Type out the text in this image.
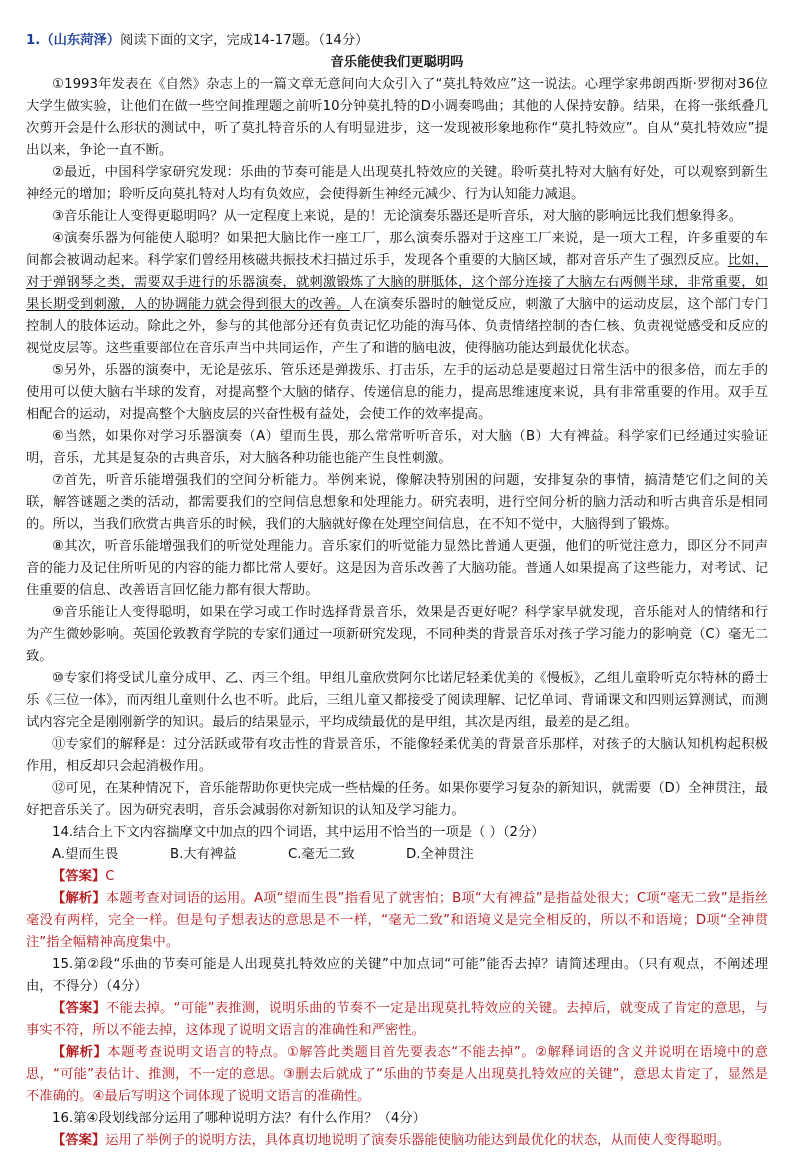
1.（山东菏泽）阅读下面的文字，完成14-17题。（14分）

音乐能使我们更聪明吗

①1993年发表在《自然》杂志上的一篇文章无意间向大众引入了“莫扎特效应”这一说法。心理学家弗朗西斯·罗彻对36位大学生做实验，让他们在做一些空间推理题之前听10分钟莫扎特的D小调奏鸣曲；其他的人保持安静。结果，在将一张纸叠几次剪开会是什么形状的测试中，听了莫扎特音乐的人有明显进步，这一发现被形象地称作“莫扎特效应”。自从“莫扎特效应”提出以来，争论一直不断。

②最近，中国科学家研究发现：乐曲的节奏可能是人出现莫扎特效应的关键。聆听莫扎特对大脑有好处，可以观察到新生神经元的增加；聆听反向莫扎特对人均有负效应，会使得新生神经元减少、行为认知能力减退。

③音乐能让人变得更聪明吗？从一定程度上来说，是的！无论演奏乐器还是听音乐，对大脑的影响远比我们想象得多。

④演奏乐器为何能使人聪明？如果把大脑比作一座工厂，那么演奏乐器对于这座工厂来说，是一项大工程，许多重要的车间都会被调动起来。科学家们曾经用核磁共振技术扫描过乐手，发现各个重要的大脑区域，都对音乐产生了强烈反应。比如，对于弹钢琴之类，需要双手进行的乐器演奏，就刺激锻炼了大脑的胼胝体，这个部分连接了大脑左右两侧半球，非常重要，如果长期受到刺激，人的协调能力就会得到很大的改善。人在演奏乐器时的触觉反应，刺激了大脑中的运动皮层，这个部门专门控制人的肢体运动。除此之外，参与的其他部分还有负责记忆功能的海马体、负责情绪控制的杏仁核、负责视觉感受和反应的视觉皮层等。这些重要部位在音乐声当中共同运作，产生了和谐的脑电波，使得脑功能达到最优化状态。

⑤另外，乐器的演奏中，无论是弦乐、管乐还是弹拨乐、打击乐，左手的运动总是要超过日常生活中的很多倍，而左手的使用可以使大脑右半球的发育，对提高整个大脑的储存、传递信息的能力，提高思维速度来说，具有非常重要的作用。双手互相配合的运动，对提高整个大脑皮层的兴奋性极有益处，会使工作的效率提高。

⑥当然，如果你对学习乐器演奏（A）望而生畏，那么常常听听音乐，对大脑（B）大有裨益。科学家们已经通过实验证明，音乐，尤其是复杂的古典音乐，对大脑各种功能也能产生良性刺激。

⑦首先，听音乐能增强我们的空间分析能力。举例来说，像解决特别困的问题，安排复杂的事情，搞清楚它们之间的关联，解答谜题之类的活动，都需要我们的空间信息想象和处理能力。研究表明，进行空间分析的脑力活动和听古典音乐是相同的。所以，当我们欣赏古典音乐的时候，我们的大脑就好像在处理空间信息，在不知不觉中，大脑得到了锻炼。

⑧其次，听音乐能增强我们的听觉处理能力。音乐家们的听觉能力显然比普通人更强，他们的听觉注意力，即区分不同声音的能力及记住所听见的内容的能力都比常人要好。这是因为音乐改善了大脑功能。普通人如果提高了这些能力，对考试、记住重要的信息、改善语言回忆能力都有很大帮助。

⑨音乐能让人变得聪明，如果在学习或工作时选择背景音乐，效果是否更好呢？科学家早就发现，音乐能对人的情绪和行为产生微妙影响。英国伦敦教育学院的专家们通过一项新研究发现，不同种类的背景音乐对孩子学习能力的影响竟（C）毫无二致。

⑩专家们将受试儿童分成甲、乙、丙三个组。甲组儿童欣赏阿尔比诺尼轻柔优美的《慢板》，乙组儿童聆听克尔特林的爵士乐《三位一体》，而丙组儿童则什么也不听。此后，三组儿童又都接受了阅读理解、记忆单词、背诵课文和四则运算测试，而测试内容完全是刚刚新学的知识。最后的结果显示，平均成绩最优的是甲组，其次是丙组，最差的是乙组。

⑪专家们的解释是：过分活跃或带有攻击性的背景音乐，不能像轻柔优美的背景音乐那样，对孩子的大脑认知机构起积极作用，相反却只会起消极作用。

⑫可见，在某种情况下，音乐能帮助你更快完成一些枯燥的任务。如果你要学习复杂的新知识，就需要（D）全神贯注，最好把音乐关了。因为研究表明，音乐会减弱你对新知识的认知及学习能力。

14.结合上下文内容揣摩文中加点的四个词语，其中运用不恰当的一项是（ ）（2分）

A.望而生畏	B.大有裨益	C.毫无二致	D.全神贯注

【答案】C

【解析】本题考查对词语的运用。A项“望而生畏”指看见了就害怕；B项“大有裨益”是指益处很大；C项“毫无二致”是指丝毫没有两样，完全一样。但是句子想表达的意思是不一样，“毫无二致”和语境义是完全相反的，所以不和语境；D项“全神贯注”指全幅精神高度集中。

15.第②段“乐曲的节奏可能是人出现莫扎特效应的关键”中加点词“可能”能否去掉？请简述理由。（只有观点，不阐述理由，不得分）（4分）

【答案】不能去掉。“可能”表推测，说明乐曲的节奏不一定是出现莫扎特效应的关键。去掉后，就变成了肯定的意思，与事实不符，所以不能去掉，这体现了说明文语言的准确性和严密性。

【解析】本题考查说明文语言的特点。①解答此类题目首先要表态“不能去掉”。②解释词语的含义并说明在语境中的意思，“可能”表估计、推测，不一定的意思。③删去后就成了“乐曲的节奏是人出现莫扎特效应的关键”，意思太肯定了，显然是不准确的。④最后写明这个词体现了说明文语言的准确性。

16.第④段划线部分运用了哪种说明方法？有什么作用？（4分）

【答案】运用了举例子的说明方法，具体真切地说明了演奏乐器能使脑功能达到最优化的状态，从而使人变得聪明。
